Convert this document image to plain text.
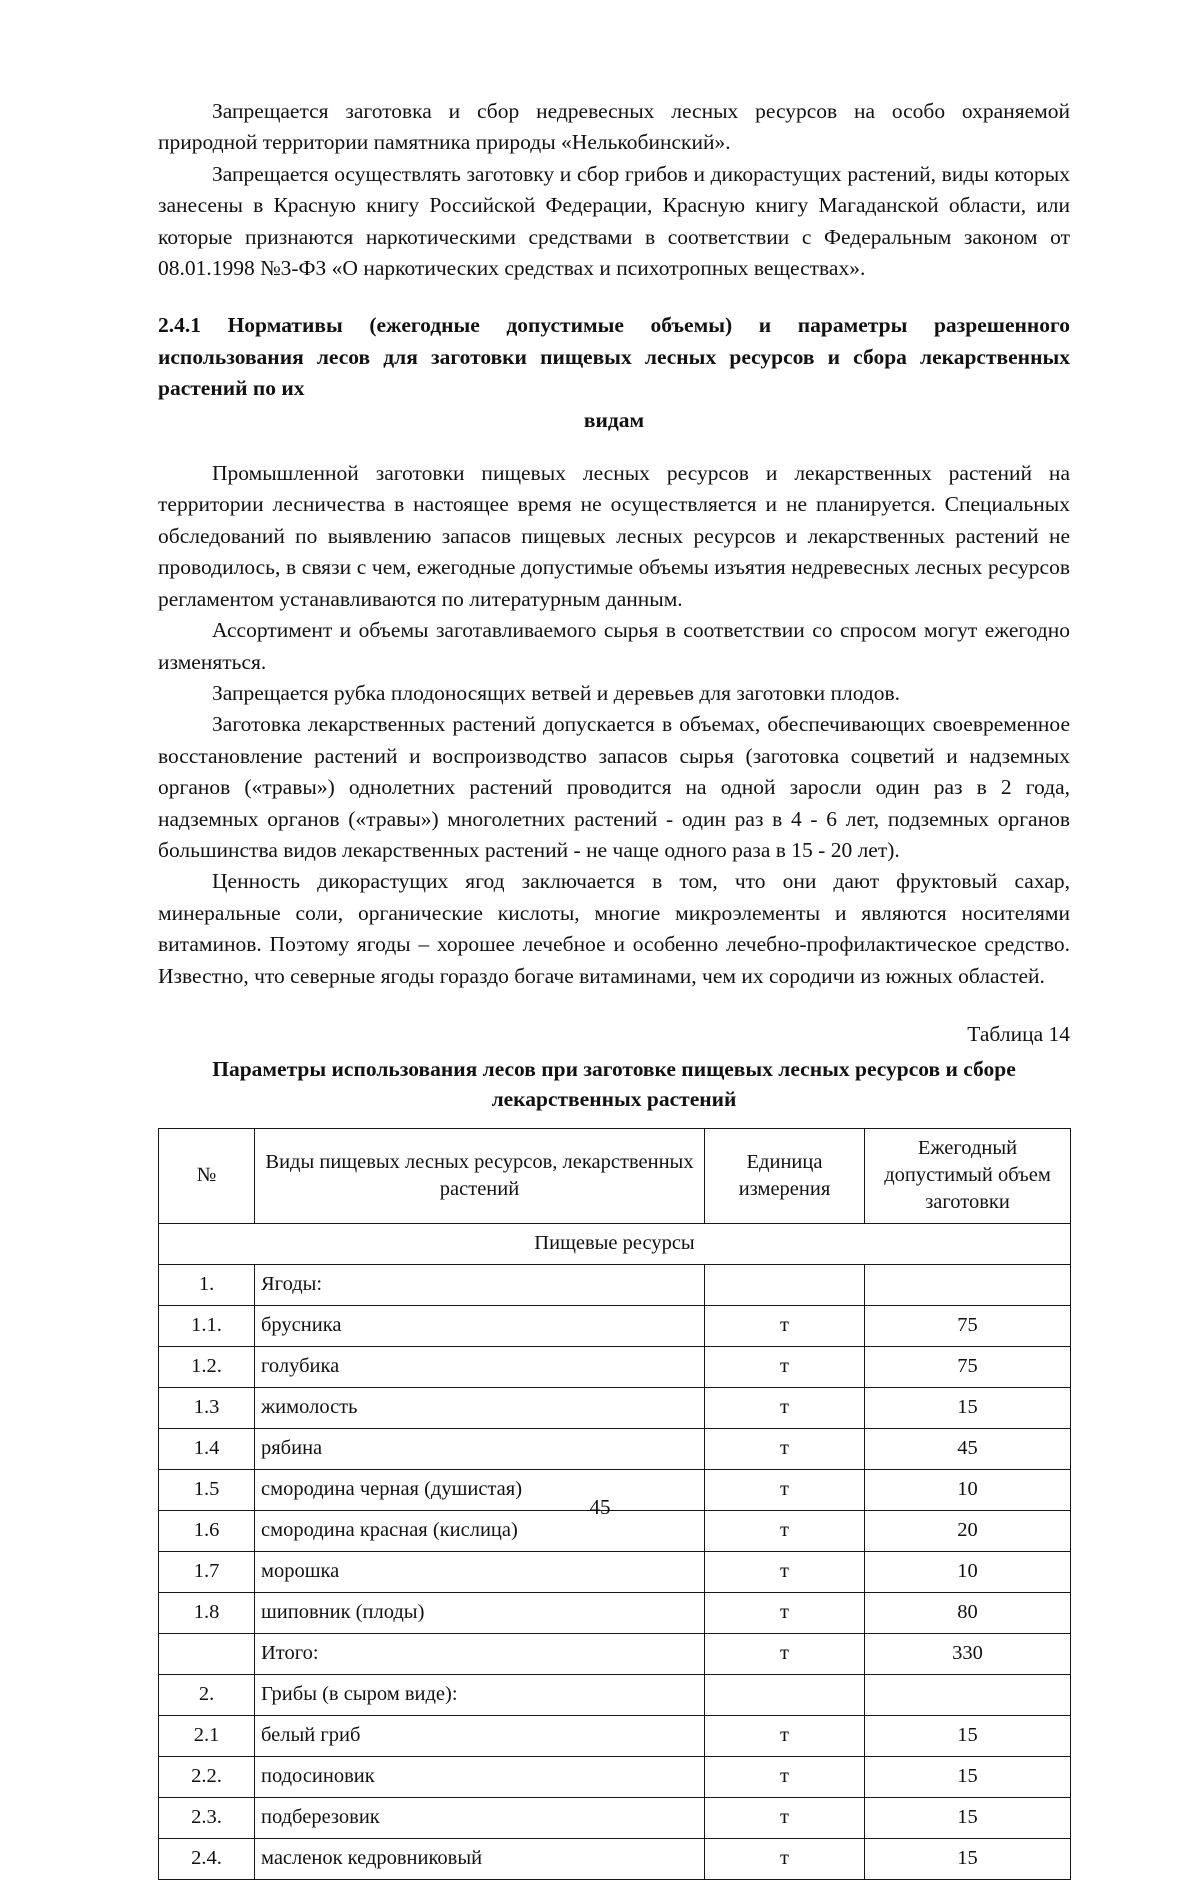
Запрещается заготовка и сбор недревесных лесных ресурсов на особо охраняемой природной территории памятника природы «Нелькобинский».

Запрещается осуществлять заготовку и сбор грибов и дикорастущих растений, виды которых занесены в Красную книгу Российской Федерации, Красную книгу Магаданской области, или которые признаются наркотическими средствами в соответствии с Федеральным законом от 08.01.1998 №3-ФЗ «О наркотических средствах и психотропных веществах».

2.4.1 Нормативы (ежегодные допустимые объемы) и параметры разрешенного использования лесов для заготовки пищевых лесных ресурсов и сбора лекарственных растений по их
видам

Промышленной заготовки пищевых лесных ресурсов и лекарственных растений на территории лесничества в настоящее время не осуществляется и не планируется. Специальных обследований по выявлению запасов пищевых лесных ресурсов и лекарственных растений не проводилось, в связи с чем, ежегодные допустимые объемы изъятия недревесных лесных ресурсов регламентом устанавливаются по литературным данным.

Ассортимент и объемы заготавливаемого сырья в соответствии со спросом могут ежегодно изменяться.

Запрещается рубка плодоносящих ветвей и деревьев для заготовки плодов.

Заготовка лекарственных растений допускается в объемах, обеспечивающих своевременное восстановление растений и воспроизводство запасов сырья (заготовка соцветий и надземных органов («травы») однолетних растений проводится на одной заросли один раз в 2 года, надземных органов («травы») многолетних растений - один раз в 4 - 6 лет, подземных органов большинства видов лекарственных растений - не чаще одного раза в 15 - 20 лет).

Ценность дикорастущих ягод заключается в том, что они дают фруктовый сахар, минеральные соли, органические кислоты, многие микроэлементы и являются носителями витаминов. Поэтому ягоды – хорошее лечебное и особенно лечебно-профилактическое средство. Известно, что северные ягоды гораздо богаче витаминами, чем их сородичи из южных областей.

Таблица 14
Параметры использования лесов при заготовке пищевых лесных ресурсов и сборе лекарственных растений
№	Виды пищевых лесных ресурсов, лекарственных растений	Единица измерения	Ежегодный допустимый объем заготовки
Пищевые ресурсы			
1.	Ягоды:		
1.1.	брусника	т	75
1.2.	голубика	т	75
1.3	жимолость	т	15
1.4	рябина	т	45
1.5	смородина черная (душистая)	т	10
1.6	смородина красная (кислица)	т	20
1.7	морошка	т	10
1.8	шиповник (плоды)	т	80
	Итого:	т	330
2.	Грибы (в сыром виде):		
2.1	белый гриб	т	15
2.2.	подосиновик	т	15
2.3.	подберезовик	т	15
2.4.	масленок кедровниковый	т	15
45
